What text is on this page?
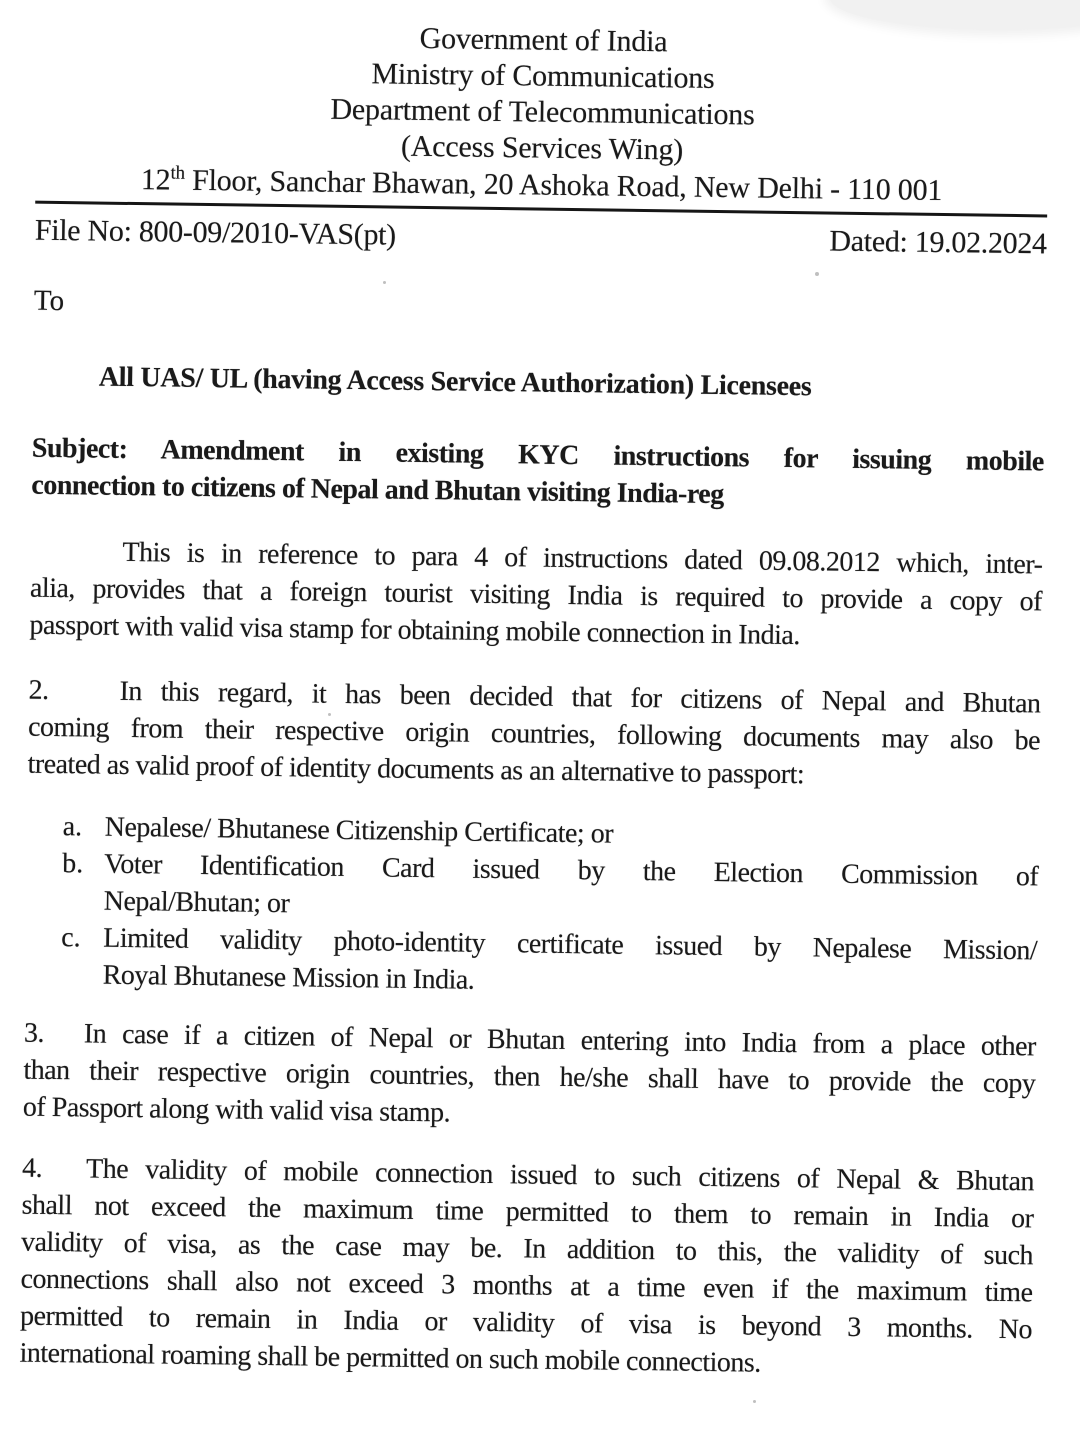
Government of India
Ministry of Communications
Department of Telecommunications
(Access Services Wing)
12th Floor, Sanchar Bhawan, 20 Ashoka Road, New Delhi - 110 001
File No: 800-09/2010-VAS(pt)	Dated: 19.02.2024
To
All UAS/ UL (having Access Service Authorization) Licensees
Subject: Amendment in existing KYC instructions for issuing mobile
connection to citizens of Nepal and Bhutan visiting India-reg
This is in reference to para 4 of instructions dated 09.08.2012 which, inter-
alia, provides that a foreign tourist visiting India is required to provide a copy of
passport with valid visa stamp for obtaining mobile connection in India.
2.	In this regard, it has been decided that for citizens of Nepal and Bhutan
coming from their respective origin countries, following documents may also be
treated as valid proof of identity documents as an alternative to passport:
a. Nepalese/ Bhutanese Citizenship Certificate; or
b. Voter Identification Card issued by the Election Commission of
Nepal/Bhutan; or
c. Limited validity photo-identity certificate issued by Nepalese Mission/
Royal Bhutanese Mission in India.
3. In case if a citizen of Nepal or Bhutan entering into India from a place other
than their respective origin countries, then he/she shall have to provide the copy
of Passport along with valid visa stamp.
4. The validity of mobile connection issued to such citizens of Nepal & Bhutan
shall not exceed the maximum time permitted to them to remain in India or
validity of visa, as the case may be. In addition to this, the validity of such
connections shall also not exceed 3 months at a time even if the maximum time
permitted to remain in India or validity of visa is beyond 3 months. No
international roaming shall be permitted on such mobile connections.
